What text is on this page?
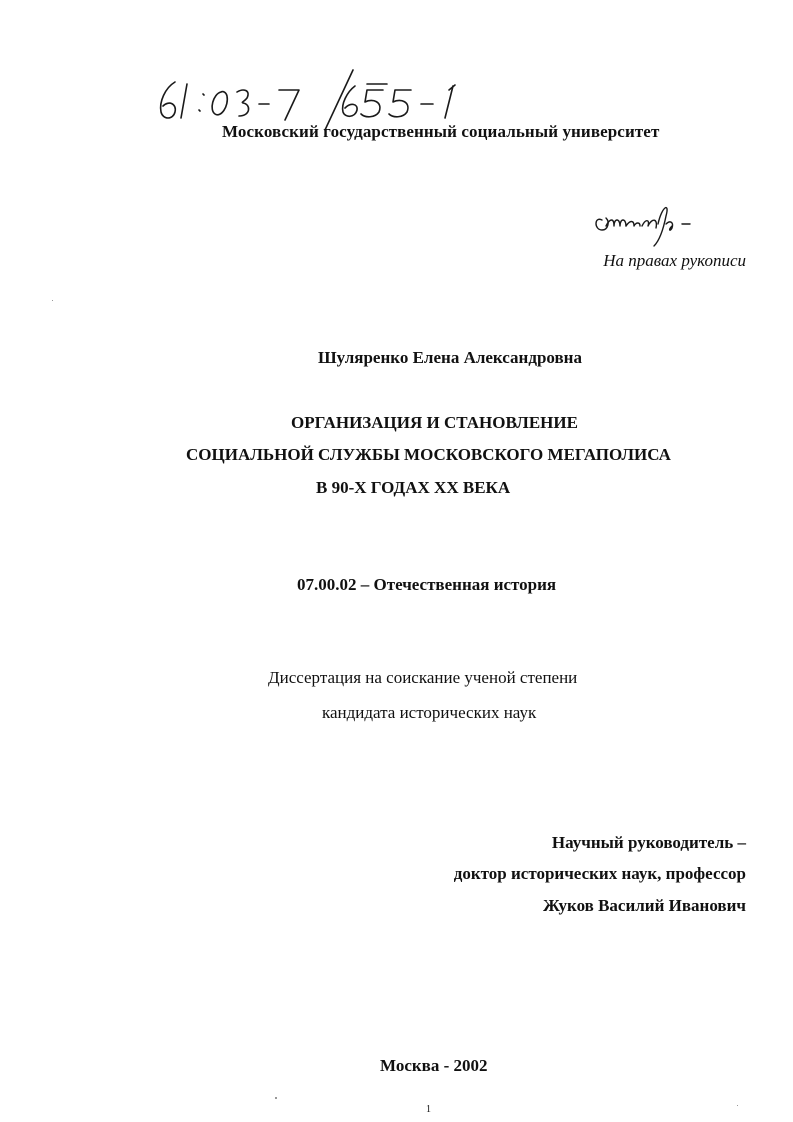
Московский государственный социальный университет
На правах рукописи
Шуляренко Елена Александровна
ОРГАНИЗАЦИЯ И СТАНОВЛЕНИЕ
СОЦИАЛЬНОЙ СЛУЖБЫ МОСКОВСКОГО МЕГАПОЛИСА
В 90-Х ГОДАХ XX ВЕКА
07.00.02 – Отечественная история
Диссертация на соискание ученой степени
кандидата исторических наук
Научный руководитель –
доктор исторических наук, профессор
Жуков Василий Иванович
Москва - 2002
1
